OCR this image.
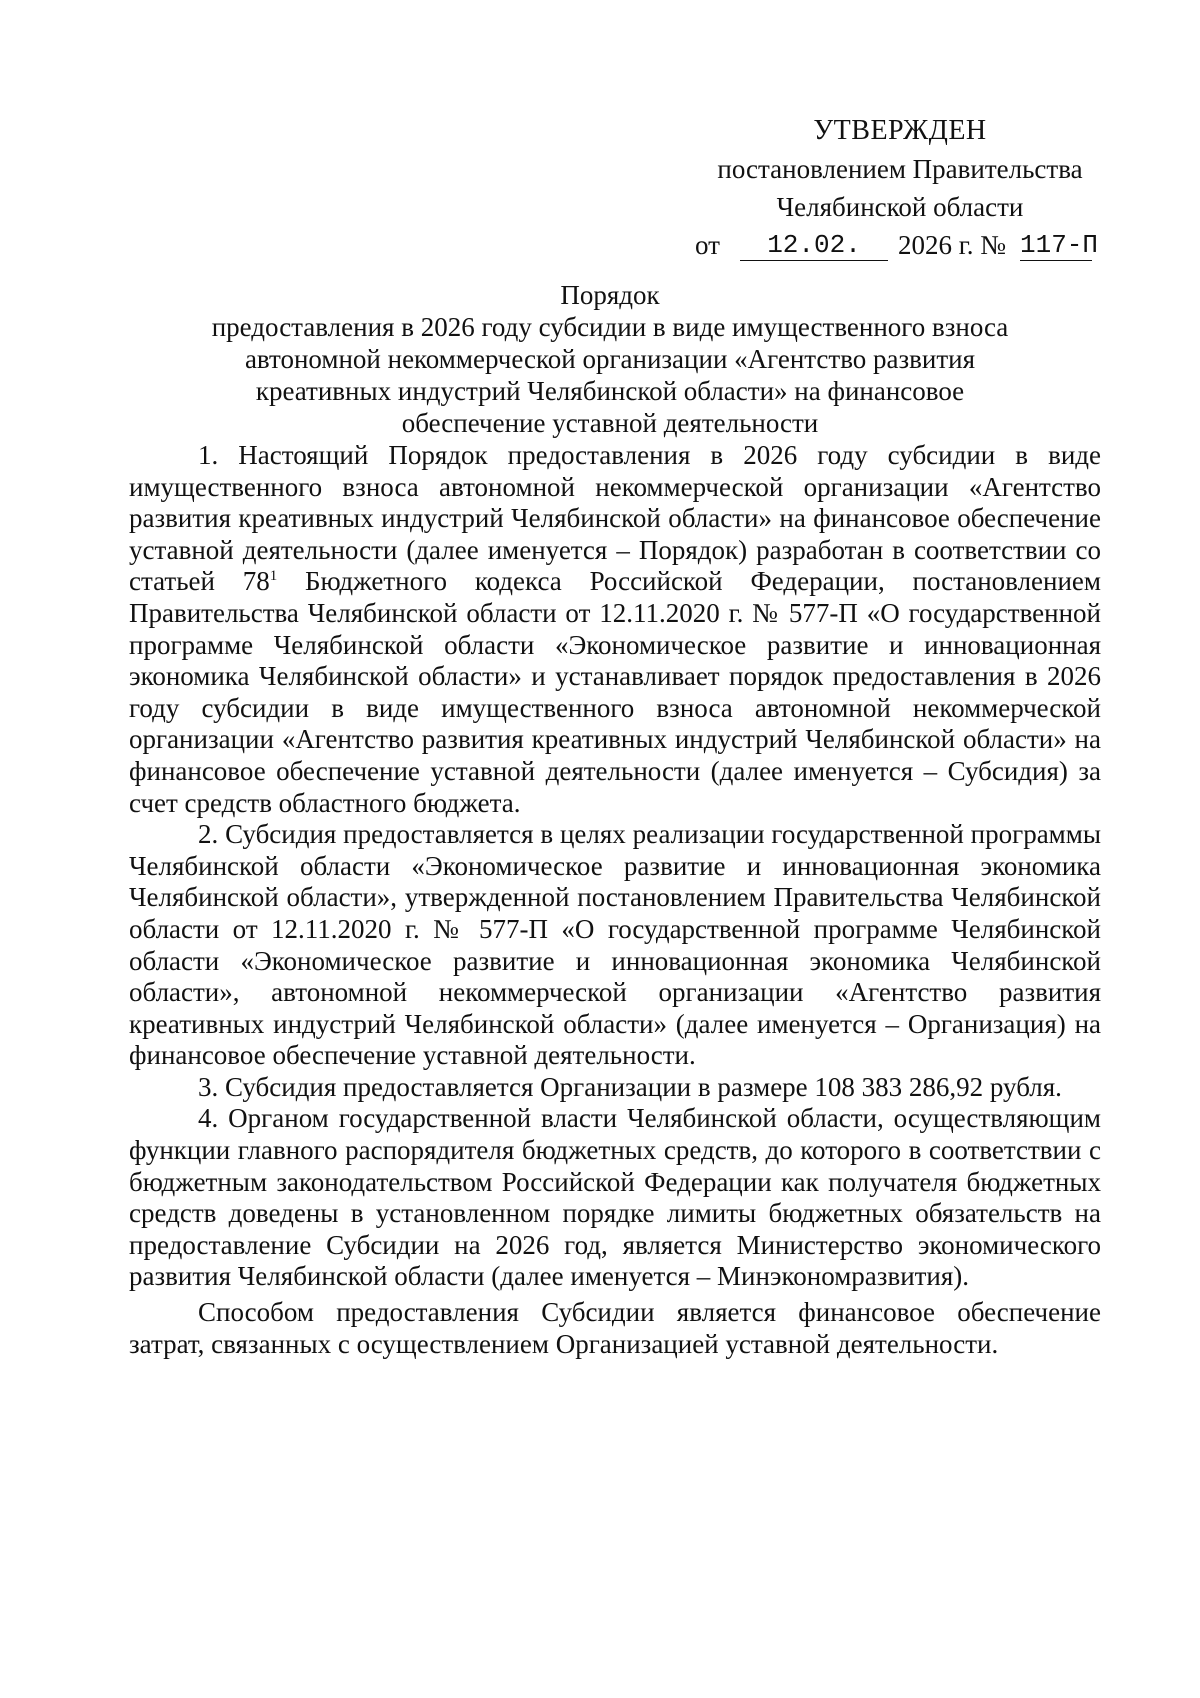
УТВЕРЖДЕН
постановлением Правительства
Челябинской области
от	12.02.	2026 г. № 117-П
Порядок
предоставления в 2026 году субсидии в виде имущественного взноса
автономной некоммерческой организации «Агентство развития
креативных индустрий Челябинской области» на финансовое
обеспечение уставной деятельности

1. Настоящий Порядок предоставления в 2026 году субсидии в виде имущественного взноса автономной некоммерческой организации «Агентство развития креативных индустрий Челябинской области» на финансовое обеспечение уставной деятельности (далее именуется – Порядок) разработан в соответствии со статьей 78$^1$ Бюджетного кодекса Российской Федерации, постановлением Правительства Челябинской области от 12.11.2020 г. № 577-П «О государственной программе Челябинской области «Экономическое развитие и инновационная экономика Челябинской области» и устанавливает порядок предоставления в 2026 году субсидии в виде имущественного взноса автономной некоммерческой организации «Агентство развития креативных индустрий Челябинской области» на финансовое обеспечение уставной деятельности (далее именуется – Субсидия) за счет средств областного бюджета.

2. Субсидия предоставляется в целях реализации государственной программы Челябинской области «Экономическое развитие и инновационная экономика Челябинской области», утвержденной постановлением Правительства Челябинской области от 12.11.2020 г. № 577-П «О государственной программе Челябинской области «Экономическое развитие и инновационная экономика Челябинской области», автономной некоммерческой организации «Агентство развития креативных индустрий Челябинской области» (далее именуется – Организация) на финансовое обеспечение уставной деятельности.

3. Субсидия предоставляется Организации в размере 108 383 286,92 рубля.

4. Органом государственной власти Челябинской области, осуществляющим функции главного распорядителя бюджетных средств, до которого в соответствии с бюджетным законодательством Российской Федерации как получателя бюджетных средств доведены в установленном порядке лимиты бюджетных обязательств на предоставление Субсидии на 2026 год, является Министерство экономического развития Челябинской области (далее именуется – Минэкономразвития).

Способом предоставления Субсидии является финансовое обеспечение затрат, связанных с осуществлением Организацией уставной деятельности.
